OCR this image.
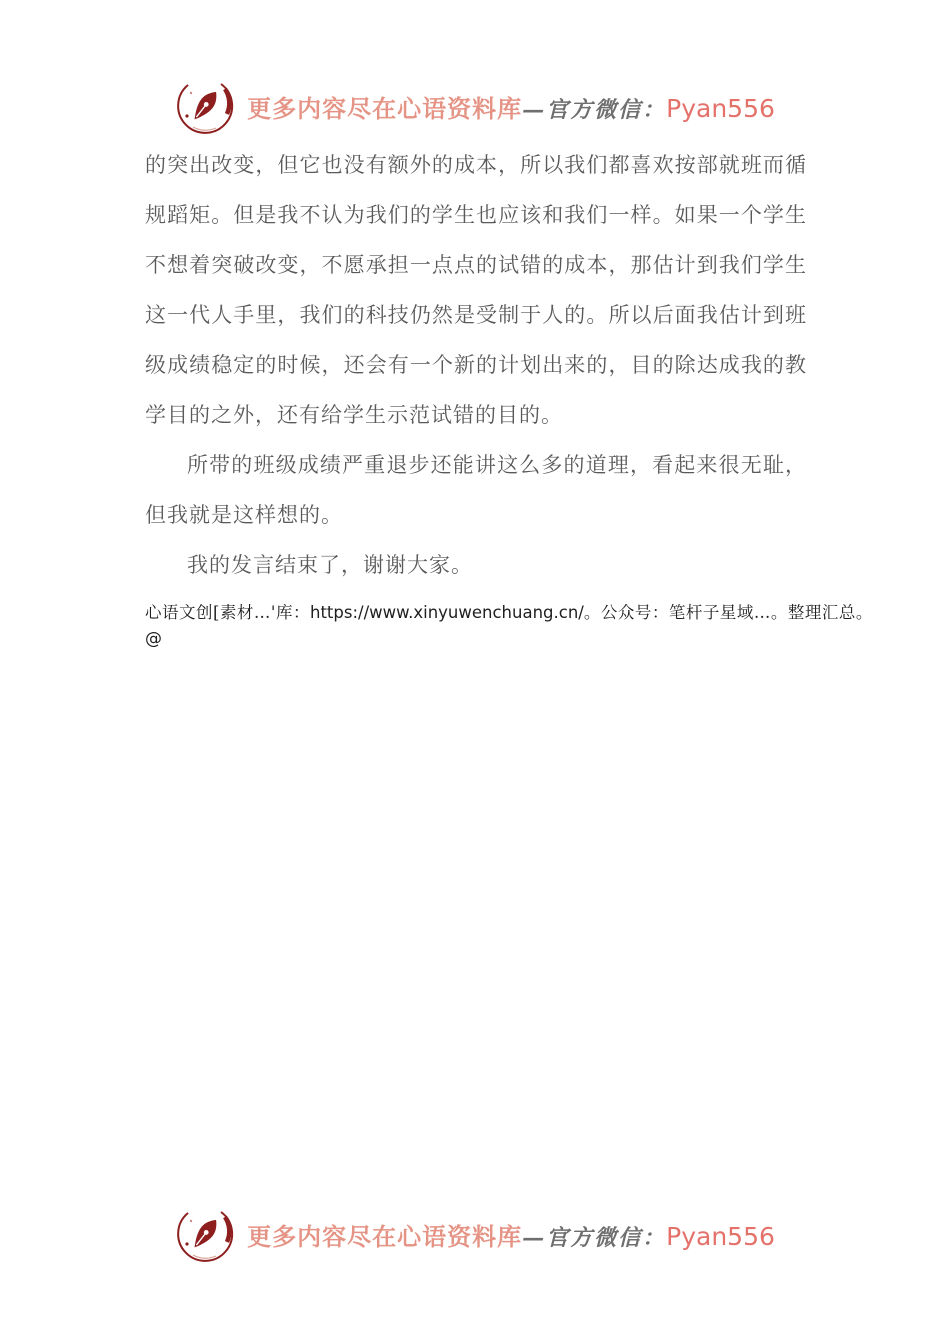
更多内容尽在心语资料库—官方微信：Pyan556

的突出改变，但它也没有额外的成本，所以我们都喜欢按部就班而循规蹈矩。但是我不认为我们的学生也应该和我们一样。如果一个学生不想着突破改变，不愿承担一点点的试错的成本，那估计到我们学生这一代人手里，我们的科技仍然是受制于人的。所以后面我估计到班级成绩稳定的时候，还会有一个新的计划出来的，目的除达成我的教学目的之外，还有给学生示范试错的目的。

所带的班级成绩严重退步还能讲这么多的道理，看起来很无耻，但我就是这样想的。

我的发言结束了，谢谢大家。

心语文创[素材…'库：https://www.xinyuwenchuang.cn/。公众号：笔杆子星域…。整理汇总。
@
更多内容尽在心语资料库—官方微信：Pyan556
